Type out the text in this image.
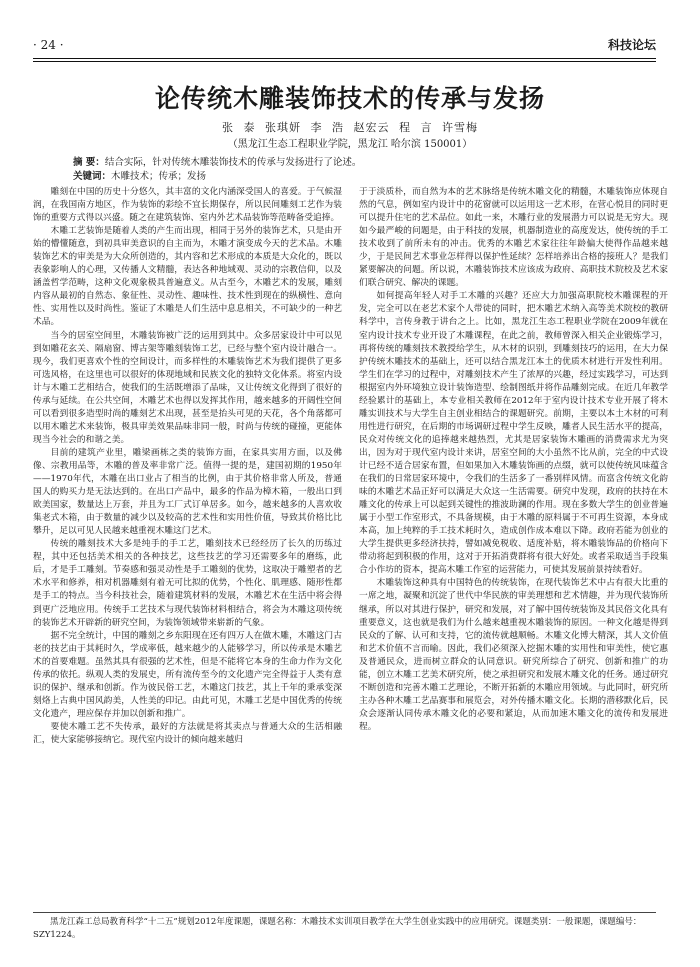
· 24 ·	科技论坛
论传统木雕装饰技术的传承与发扬
张 泰 张琪妍 李 浩 赵宏云 程 言 许雪梅
（黑龙江生态工程职业学院，黑龙江 哈尔滨 150001）
摘 要：结合实际，针对传统木雕装饰技术的传承与发扬进行了论述。
关键词：木雕技术；传承；发扬

雕刻在中国的历史十分悠久，其丰富的文化内涵深受国人的喜爱。于气候湿润，在我国南方地区，作为装饰的彩绘不宜长期保存，所以民间雕刻工艺作为装饰的重要方式得以兴盛。随之在建筑装饰、室内外艺术品装饰等范畴备受追捧。

木雕工艺装饰是随着人类的产生而出现，相同于另外的装饰艺术，只是由开始的懵懂随意，到初具审美意识的自主而为，木雕才演变成今天的艺术品。木雕装饰艺术的审美是为大众所创造的，其内容和艺术形成的本质是大众化的，既以表象影响人的心理，又传播人文精髓，表达各种地域观、灵动的宗教信仰，以及涵盖哲学范畴，这种文化观象极具普遍意义。从古至今，木雕艺术的发展，雕刻内容从最初的自然态、象征性、灵动性、趣味性、技术性到现在的纵横性、意向性、实用性以及时尚性。鉴证了木雕是人们生活中息息相关，不可缺少的一种艺术品。

当今的居室空间里，木雕装饰被广泛的运用到其中。众多居家设计中可以见到如雕花玄关、隔扇窗、博古架等雕刻装饰工艺，已经与整个室内设计融合一。现今，我们更喜欢个性的空间设计，而多样性的木雕装饰艺术为我们提供了更多可选风格，在这里也可以很好的体现地域和民族文化的独特文化体系。将室内设计与木雕工艺相结合，使我们的生活既增添了品味，又让传统文化得到了很好的传承与延续。在公共空间，木雕艺术也得以发挥其作用，越来越多的开阔性空间可以看到很多造型时尚的雕刻艺术出现，甚至是抬头可见的天花，各个角落都可以用木雕艺术来装饰，极具审美效果品味非同一般，时尚与传统的碰撞，更能体现当今社会的和谐之美。

目前的建筑产业里，雕梁画栋之类的装饰方面，在家具实用方面，以及佛像、宗教用品等，木雕的普及率非常广泛。值得一提的是，建国初期的1950年——1970年代，木雕在出口业占了相当的比例，由于其价格非常人所及，普通国人的购买力是无法达到的。在出口产品中，最多的作品为樟木箱，一般出口到欧美国家，数量达上万套，并且为工厂式订单居多。如今，越来越多的人喜欢收集老式木箱，由于数量的减少以及较高的艺术性和实用性价值，导致其价格比比攀升，足以可见人民越来越重视木雕这门艺术。

传统的雕刻技术大多是纯手的手工艺，雕刻技术已经经历了长久的历练过程，其中还包括美术相关的各种技艺，这些技艺的学习还需要多年的磨练，此后，才是手工雕刻。节奏感和强灵动性是手工雕刻的优势，这取决于雕塑者的艺术水平和修养，相对机器雕刻有着无可比拟的优势，个性化、肌理感、随形性都是手工的特点。当今科技社会，随着建筑材料的发展，木雕艺术在生活中将会得到更广泛地应用。传统手工艺技术与现代装饰材料相结合，将会为木雕这项传统的装饰艺术开辟新的研究空间，为装饰领域带来崭新的气象。

据不完全统计，中国的雕刻之乡东阳现在还有四万人在做木雕，木雕这门古老的技艺由于其耗时久，学成率低，越来越少的人能够学习，所以传承是木雕艺术的首要难题。虽然其具有很强的艺术性，但是不能将它本身的生命力作为文化传承的依托。纵观人类的发展史，所有流传至今的文化遗产完全得益于人类有意识的保护、继承和创新。作为彼民俗工艺，木雕这门技艺，其上千年的秉承变深刻烙上古典中国风韵美，人性美的印记。由此可见，木雕工艺是中国优秀的传统文化遗产，理应保存并加以创新和推广。

要使木雕工艺不失传承，最好的方法就是将其卖点与普通大众的生活相融汇，使大家能够接纳它。现代室内设计的倾向越来越归

于于淡质朴，而自然为本的艺术脉络是传统木雕文化的精髓，木雕装饰应体现自然的气息，例如室内设计中的花窗就可以运用这一艺术形，在营心悦目的同时更可以提升住宅的艺术品位。如此一来，木雕行业的发展潜力可以说是无穷大。现如今最严峻的问题是，由于科技的发展，机器制造业的高度发达，使传统的手工技术收到了前所未有的冲击。优秀的木雕艺术家往往年龄偏大使得作品越来越少，于是民间艺术事业怎样得以保护性延续？怎样培养出合格的接班人？是我们紧要解决的问题。所以说，木雕装饰技术应该成为政府、高职技术院校及艺术家们联合研究、解决的课题。

如何提高年轻人对手工木雕的兴趣？还应大力加强高职院校木雕课程的开发，完全可以在老艺术家个人带徒的同时，把木雕艺术纳入高等美术院校的教研科学中，言传身教于讲台之上。比如，黑龙江生态工程职业学院在2009年就在室内设计技术专业开设了木雕课程，在此之前，教师曾深入相关企业锻炼学习，再将传统的雕刻技术教授给学生，从木材的识别，到雕刻技巧的运用，在大力保护传统木雕技术的基础上，还可以结合黑龙江本土的优质木材进行开发性利用。学生们在学习的过程中，对雕刻技术产生了浓厚的兴趣，经过实践学习，可达到根据室内外环境独立设计装饰造型、绘制图纸并将作品雕刻完成。在近几年教学经验累计的基础上，本专业相关教师在2012年于室内设计技术专业开展了将木雕实训技术与大学生自主创业相结合的课题研究。前期，主要以本土木材的可利用性进行研究，在后期的市场调研过程中学生反映，雕者人民生活水平的提高，民众对传统文化的追捧越来越热烈，尤其是居家装饰木雕画的消费需求尤为突出，因为对于现代室内设计来讲，居室空间的大小虽然不比从前，完全的中式设计已经不适合居家布置，但如果加入木雕装饰画的点缀，就可以使传统风味蕴含在我们的日常居家环境中，令我们的生活多了一番别样风情。而富含传统文化韵味的木雕艺术品正好可以满足大众这一生活需要。研究中发现，政府的扶持在木雕文化的传承上可以起到关键性的推波助澜的作用。现在多数大学生的创业普遍属于小型工作室形式，不具备规模，由于木雕的原料属于不可再生资源，本身成本高，加上纯粹的手工技术耗时久，造成创作成本难以下降。政府若能为创业的大学生提供更多经济扶持，譬如减免税收、适度补贴，将木雕装饰品的价格向下带动将起到积极的作用，这对于开拓消费群将有很大好处。或者采取适当手段集合小作坊的资本，提高木雕工作室的运营能力，可使其发展前景持续看好。

木雕装饰这种具有中国特色的传统装饰，在现代装饰艺术中占有很大比重的一席之地，凝聚和沉淀了世代中华民族的审美理想和艺术情趣，并为现代装饰所继承，所以对其进行保护，研究和发展，对了解中国传统装饰及其民俗文化具有重要意义，这也就是我们为什么越来越重视木雕装饰的原因。一种文化越是得到民众的了解、认可和支持，它的流传就越顺畅。木雕文化博大精深，其人文价值和艺术价值不言而喻。因此，我们必须深入挖掘木雕的实用性和审美性，使它惠及普通民众，进而树立群众的认同意识。研究所综合了研究、创新和推广的功能，创立木雕工艺美术研究所，使之承担研究和发展木雕文化的任务。通过研究不断创造和完善木雕工艺理论，不断开拓新的木雕应用领域。与此同时，研究所主办各种木雕工艺品赛事和展览会，对外传播木雕文化。长期的潜移默化后，民众会逐渐认同传承木雕文化的必要和紧迫，从而加速木雕文化的流传和发展进程。

黑龙江森工总局教育科学“十二五”规划2012年度课题，课题名称：木雕技术实训项目教学在大学生创业实践中的应用研究。课题类别：一般课题，课题编号：SZY1224。
